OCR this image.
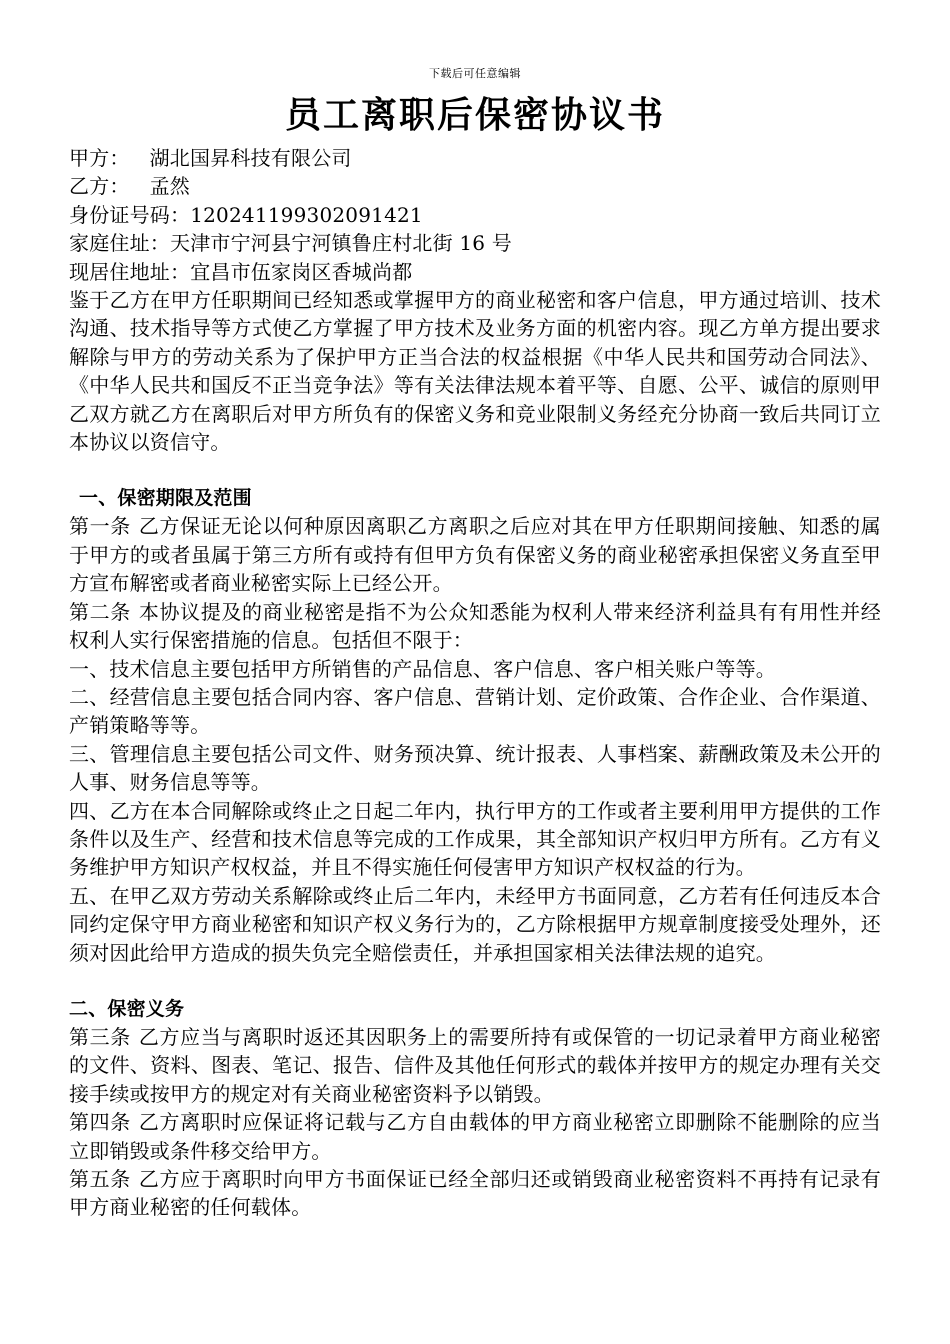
下载后可任意编辑
员工离职后保密协议书

甲方： 湖北国昇科技有限公司

乙方： 孟然

身份证号码：120241199302091421

家庭住址：天津市宁河县宁河镇鲁庄村北街 16 号

现居住地址：宜昌市伍家岗区香城尚都

鉴于乙方在甲方任职期间已经知悉或掌握甲方的商业秘密和客户信息，甲方通过培训、技术沟通、技术指导等方式使乙方掌握了甲方技术及业务方面的机密内容。现乙方单方提出要求解除与甲方的劳动关系为了保护甲方正当合法的权益根据《中华人民共和国劳动合同法》、《中华人民共和国反不正当竞争法》等有关法律法规本着平等、自愿、公平、诚信的原则甲乙双方就乙方在离职后对甲方所负有的保密义务和竞业限制义务经充分协商一致后共同订立本协议以资信守。

一、保密期限及范围

第一条 乙方保证无论以何种原因离职乙方离职之后应对其在甲方任职期间接触、知悉的属于甲方的或者虽属于第三方所有或持有但甲方负有保密义务的商业秘密承担保密义务直至甲方宣布解密或者商业秘密实际上已经公开。

第二条 本协议提及的商业秘密是指不为公众知悉能为权利人带来经济利益具有有用性并经权利人实行保密措施的信息。包括但不限于：

一、技术信息主要包括甲方所销售的产品信息、客户信息、客户相关账户等等。

二、经营信息主要包括合同内容、客户信息、营销计划、定价政策、合作企业、合作渠道、产销策略等等。

三、管理信息主要包括公司文件、财务预决算、统计报表、人事档案、薪酬政策及未公开的人事、财务信息等等。

四、乙方在本合同解除或终止之日起二年内，执行甲方的工作或者主要利用甲方提供的工作条件以及生产、经营和技术信息等完成的工作成果，其全部知识产权归甲方所有。乙方有义务维护甲方知识产权权益，并且不得实施任何侵害甲方知识产权权益的行为。

五、在甲乙双方劳动关系解除或终止后二年内，未经甲方书面同意，乙方若有任何违反本合同约定保守甲方商业秘密和知识产权义务行为的，乙方除根据甲方规章制度接受处理外，还须对因此给甲方造成的损失负完全赔偿责任，并承担国家相关法律法规的追究。

二、保密义务

第三条 乙方应当与离职时返还其因职务上的需要所持有或保管的一切记录着甲方商业秘密的文件、资料、图表、笔记、报告、信件及其他任何形式的载体并按甲方的规定办理有关交接手续或按甲方的规定对有关商业秘密资料予以销毁。

第四条 乙方离职时应保证将记载与乙方自由载体的甲方商业秘密立即删除不能删除的应当立即销毁或条件移交给甲方。

第五条 乙方应于离职时向甲方书面保证已经全部归还或销毁商业秘密资料不再持有记录有甲方商业秘密的任何载体。
